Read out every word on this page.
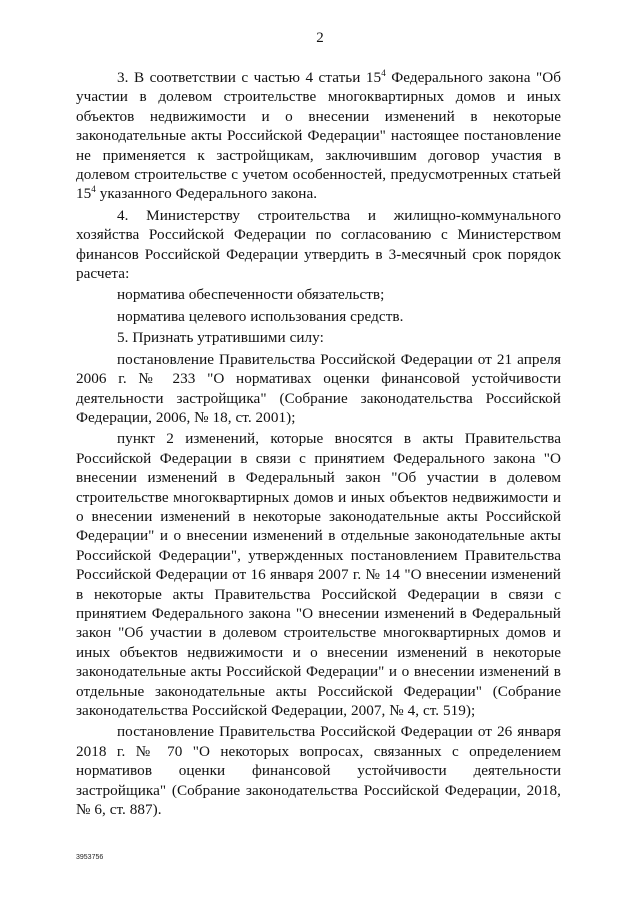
2

3. В соответствии с частью 4 статьи $15^4$ Федерального закона "Об участии в долевом строительстве многоквартирных домов и иных объектов недвижимости и о внесении изменений в некоторые законодательные акты Российской Федерации" настоящее постановление не применяется к застройщикам, заключившим договор участия в долевом строительстве с учетом особенностей, предусмотренных статьей $15^4$ указанного Федерального закона.

4. Министерству строительства и жилищно-коммунального хозяйства Российской Федерации по согласованию с Министерством финансов Российской Федерации утвердить в 3-месячный срок порядок расчета:

норматива обеспеченности обязательств;

норматива целевого использования средств.

5. Признать утратившими силу:

постановление Правительства Российской Федерации от 21 апреля 2006 г. № 233 "О нормативах оценки финансовой устойчивости деятельности застройщика" (Собрание законодательства Российской Федерации, 2006, № 18, ст. 2001);

пункт 2 изменений, которые вносятся в акты Правительства Российской Федерации в связи с принятием Федерального закона "О внесении изменений в Федеральный закон "Об участии в долевом строительстве многоквартирных домов и иных объектов недвижимости и о внесении изменений в некоторые законодательные акты Российской Федерации" и о внесении изменений в отдельные законодательные акты Российской Федерации", утвержденных постановлением Правительства Российской Федерации от 16 января 2007 г. № 14 "О внесении изменений в некоторые акты Правительства Российской Федерации в связи с принятием Федерального закона "О внесении изменений в Федеральный закон "Об участии в долевом строительстве многоквартирных домов и иных объектов недвижимости и о внесении изменений в некоторые законодательные акты Российской Федерации" и о внесении изменений в отдельные законодательные акты Российской Федерации" (Собрание законодательства Российской Федерации, 2007, № 4, ст. 519);

постановление Правительства Российской Федерации от 26 января 2018 г. № 70 "О некоторых вопросах, связанных с определением нормативов оценки финансовой устойчивости деятельности застройщика" (Собрание законодательства Российской Федерации, 2018, № 6, ст. 887).

3953756
